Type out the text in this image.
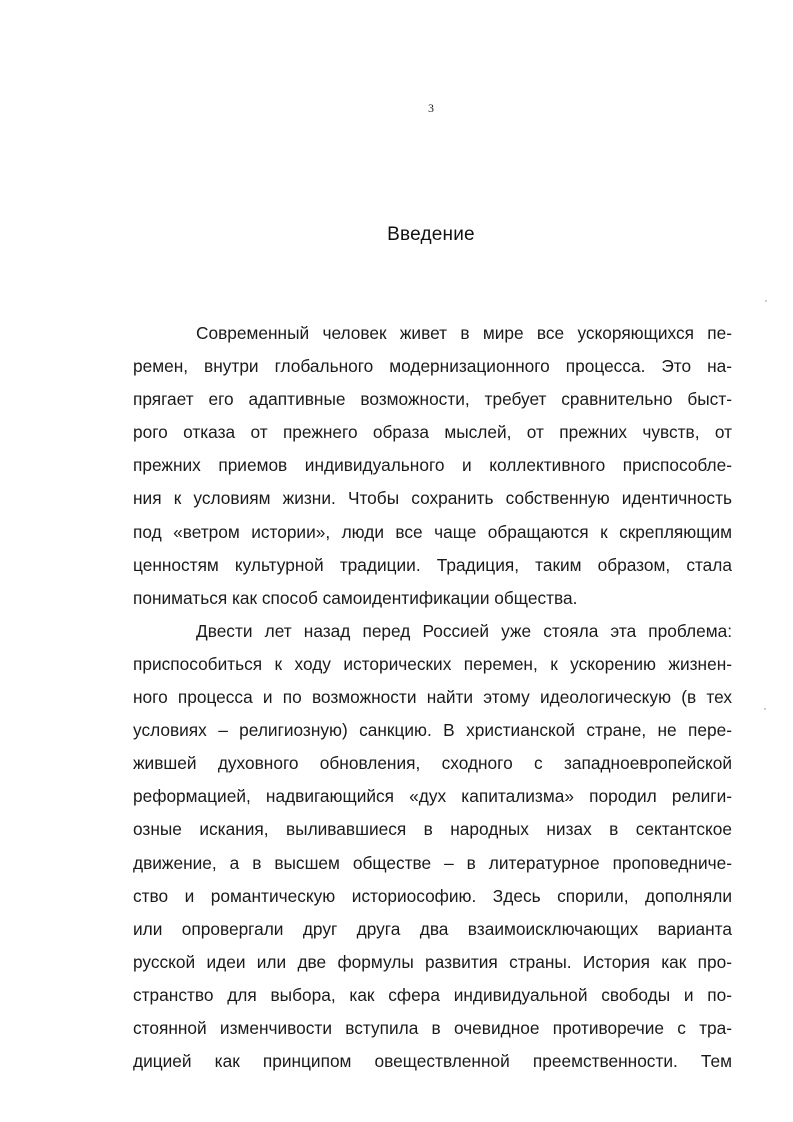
3
Введение
Современный человек живет в мире все ускоряющихся пе-
ремен, внутри глобального модернизационного процесса. Это на-
прягает его адаптивные возможности, требует сравнительно быст-
рого отказа от прежнего образа мыслей, от прежних чувств, от
прежних приемов индивидуального и коллективного приспособле-
ния к условиям жизни. Чтобы сохранить собственную идентичность
под «ветром истории», люди все чаще обращаются к скрепляющим
ценностям культурной традиции. Традиция, таким образом, стала
пониматься как способ самоидентификации общества.
Двести лет назад перед Россией уже стояла эта проблема:
приспособиться к ходу исторических перемен, к ускорению жизнен-
ного процесса и по возможности найти этому идеологическую (в тех
условиях – религиозную) санкцию. В христианской стране, не пере-
жившей духовного обновления, сходного с западноевропейской
реформацией, надвигающийся «дух капитализма» породил религи-
озные искания, выливавшиеся в народных низах в сектантское
движение, а в высшем обществе – в литературное проповедниче-
ство и романтическую историософию. Здесь спорили, дополняли
или опровергали друг друга два взаимоисключающих варианта
русской идеи или две формулы развития страны. История как про-
странство для выбора, как сфера индивидуальной свободы и по-
стоянной изменчивости вступила в очевидное противоречие с тра-
дицией как принципом овеществленной преемственности. Тем
